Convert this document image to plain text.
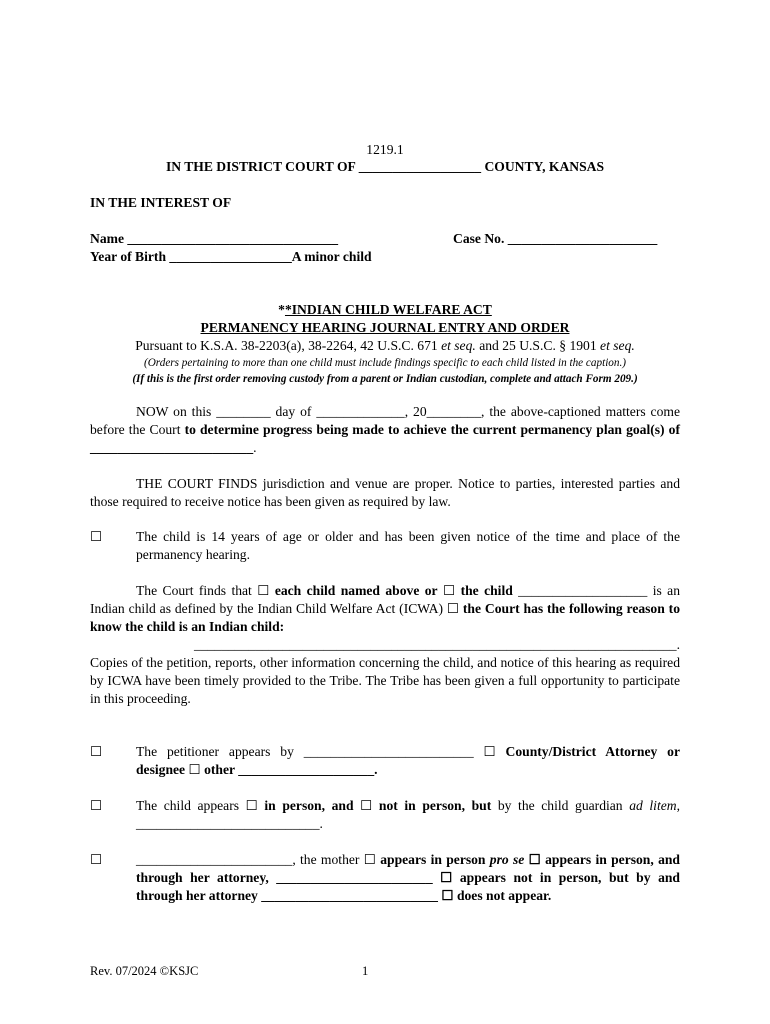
1219.1
IN THE DISTRICT COURT OF __________________ COUNTY, KANSAS
IN THE INTEREST OF
Name _______________________________	Case No. ______________________
Year of Birth __________________A minor child
**INDIAN CHILD WELFARE ACT
PERMANENCY HEARING JOURNAL ENTRY AND ORDER
Pursuant to K.S.A. 38-2203(a), 38-2264, 42 U.S.C. 671 et seq. and 25 U.S.C. § 1901 et seq.
(Orders pertaining to more than one child must include findings specific to each child listed in the caption.)
(If this is the first order removing custody from a parent or Indian custodian, complete and attach Form 209.)
NOW on this ________ day of _____________, 20________, the above-captioned matters come before the Court to determine progress being made to achieve the current permanency plan goal(s) of ________________________.
THE COURT FINDS jurisdiction and venue are proper. Notice to parties, interested parties and those required to receive notice has been given as required by law.
☐ The child is 14 years of age or older and has been given notice of the time and place of the permanency hearing.
The Court finds that ☐ each child named above or ☐ the child ___________________ is an Indian child as defined by the Indian Child Welfare Act (ICWA) ☐ the Court has the following reason to know the child is an Indian child:
_______________________________________________________________________.
Copies of the petition, reports, other information concerning the child, and notice of this hearing as required by ICWA have been timely provided to the Tribe. The Tribe has been given a full opportunity to participate in this proceeding.
☐ The petitioner appears by _________________________ ☐ County/District Attorney or designee ☐ other ____________________.
☐ The child appears ☐ in person, and ☐ not in person, but by the child guardian ad litem, ___________________________.
☐ _______________________, the mother ☐ appears in person pro se ☐ appears in person, and through her attorney, _______________________ ☐ appears not in person, but by and through her attorney __________________________ ☐ does not appear.
Rev. 07/2024 ©KSJC	1
